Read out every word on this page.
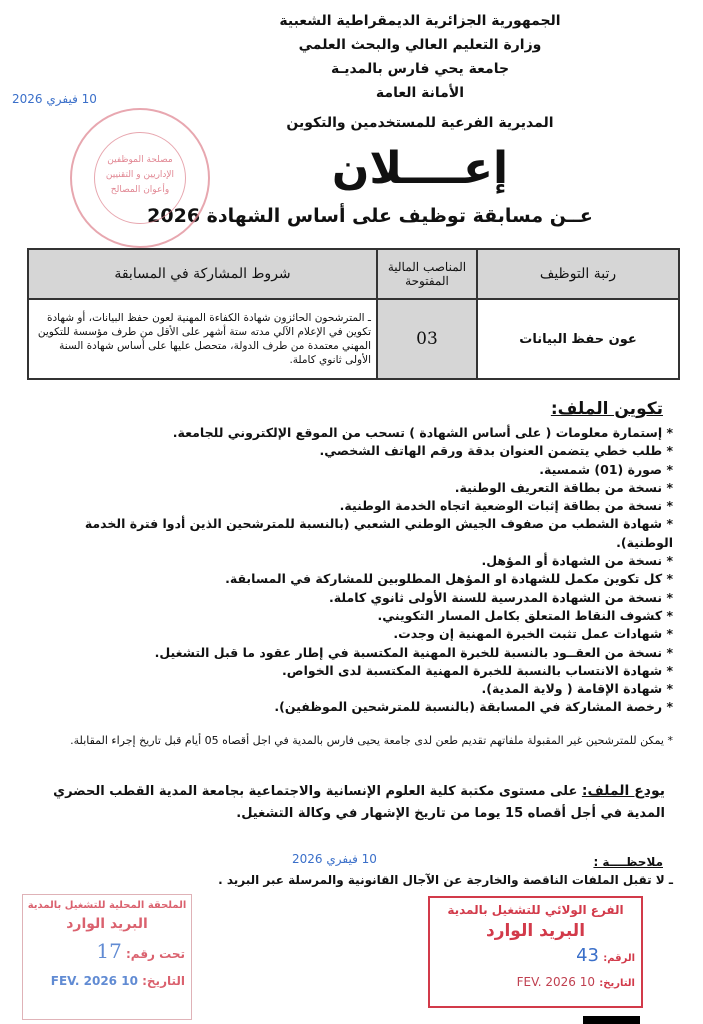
الجمهورية الجزائرية الديمقراطية الشعبية
وزارة التعليم العالي والبحث العلمي
جامعة يحي فارس بالمديـة
الأمانة العامة
المديرية الفرعية للمستخدمين والتكوين
إعــــلان
عــن مسابقة توظيف على أساس الشهادة 2026
10 فيفري 2026
مصلحة الموظفين
الإداريين و التقنيين
وأعوان المصالح
رتبة التوظيف	المناصب المالية المفتوحة	شروط المشاركة في المسابقة
عون حفظ البيانات	03	ـ المترشحون الحائزون شهادة الكفاءة المهنية لعون حفظ البيانات، أو شهادة تكوين في الإعلام الآلي مدته ستة أشهر على الأقل من طرف مؤسسة للتكوين المهني معتمدة من طرف الدولة، متحصل عليها على أساس شهادة السنة الأولى ثانوي كاملة.
تكوين الملف:
* إستمارة معلومات ( على أساس الشهادة ) تسحب من الموقع الإلكتروني للجامعة.
* طلب خطي يتضمن العنوان بدقة ورقم الهاتف الشخصي.
* صورة (01) شمسية.
* نسخة من بطاقة التعريف الوطنية.
* نسخة من بطاقة إثبات الوضعية اتجاه الخدمة الوطنية.
* شهادة الشطب من صفوف الجيش الوطني الشعبي (بالنسبة للمترشحين الذين أدوا فترة الخدمة الوطنية).
* نسخة من الشهادة أو المؤهل.
* كل تكوين مكمل للشهادة او المؤهل المطلوبين للمشاركة في المسابقة.
* نسخة من الشهادة المدرسية للسنة الأولى ثانوي كاملة.
* كشوف النقاط المتعلق بكامل المسار التكويني.
* شهادات عمل تثبت الخبرة المهنية إن وجدت.
* نسخة من العقــود بالنسبة للخبرة المهنية المكتسبة في إطار عقود ما قبل التشغيل.
* شهادة الانتساب بالنسبة للخبرة المهنية المكتسبة لدى الخواص.
* شهادة الإقامة ( ولاية المدية).
* رخصة المشاركة في المسابقة (بالنسبة للمترشحين الموظفين).
* يمكن للمترشحين غير المقبولة ملفاتهم تقديم طعن لدى جامعة يحيى فارس بالمدية في اجل أقصاه 05 أيام قبل تاريخ إجراء المقابلة.
يودع الملف: على مستوى مكتبة كلية العلوم الإنسانية والاجتماعية بجامعة المدية القطب الحضري المدية في أجل أقصاه 15 يوما من تاريخ الإشهار في وكالة التشغيل.
10 فيفري 2026	ملاحظــــة :
ـ لا تقبل الملفات الناقصة والخارجة عن الآجال القانونية والمرسلة عبر البريد .
الملحقة المحلية للتشغيل بالمدية
البريد الوارد
تحت رقم: 17
التاريخ: 10 FEV. 2026
الفرع الولائي للتشغيل بالمدية
البريد الوارد
الرقم: 43
التاريخ: 10 FEV. 2026
